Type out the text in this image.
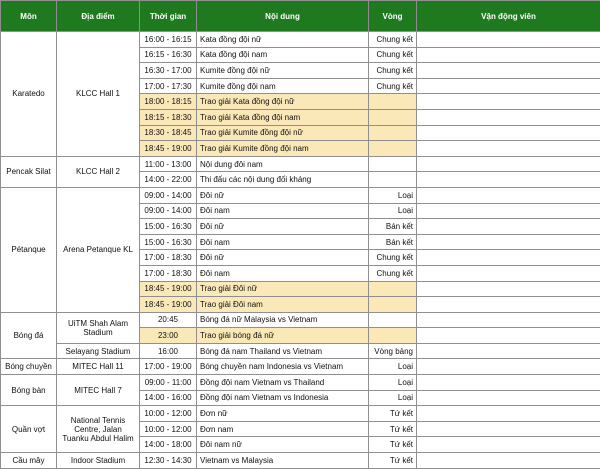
Môn	Địa điểm	Thời gian	Nội dung	Vòng	Vận động viên
Karatedo	KLCC Hall 1	16:00 - 16:15	Kata đồng đội nữ	Chung kết	
		16:15 - 16:30	Kata đồng đội nam	Chung kết	
		16:30 - 17:00	Kumite đồng đội nữ	Chung kết	
		17:00 - 17:30	Kumite đồng đội nam	Chung kết	
		18:00 - 18:15	Trao giải Kata đồng đội nữ		
		18:15 - 18:30	Trao giải Kata đồng đội nam		
		18:30 - 18:45	Trao giải Kumite đồng đội nữ		
		18:45 - 19:00	Trao giải Kumite đồng đội nam		
Pencak Silat	KLCC Hall 2	11:00 - 13:00	Nội dung đôi nam		
		14:00 - 22:00	Thi đấu các nội dung đối kháng		
Pétanque	Arena Petanque KL	09:00 - 14:00	Đôi nữ	Loại	
		09:00 - 14:00	Đôi nam	Loại	
		15:00 - 16:30	Đôi nữ	Bán kết	
		15:00 - 16:30	Đôi nam	Bán kết	
		17:00 - 18:30	Đôi nữ	Chung kết	
		17:00 - 18:30	Đôi nam	Chung kết	
		18:45 - 19:00	Trao giải Đôi nữ		
		18:45 - 19:00	Trao giải Đôi nam		
Bóng đá	UiTM Shah Alam Stadium	20:45	Bóng đá nữ Malaysia vs Vietnam		
		23:00	Trao giải bóng đá nữ		
	Selayang Stadium	16:00	Bóng đá nam Thailand vs Vietnam	Vòng bảng	
Bóng chuyền	MITEC Hall 11	17:00 - 19:00	Bóng chuyền nam Indonesia vs Vietnam	Loại	
Bóng bàn	MITEC Hall 7	09:00 - 11:00	Đồng đội nam Vietnam vs Thailand	Loại	
		14:00 - 16:00	Đồng đội nam Vietnam vs Indonesia	Loại	
Quần vợt	National Tennis Centre, Jalan Tuanku Abdul Halim	10:00 - 12:00	Đơn nữ	Tứ kết	
		10:00 - 12:00	Đơn nam	Tứ kết	
		14:00 - 18:00	Đôi nam nữ	Tứ kết	
Cầu mây	Indoor Stadium	12:30 - 14:30	Vietnam vs Malaysia	Tứ kết	
